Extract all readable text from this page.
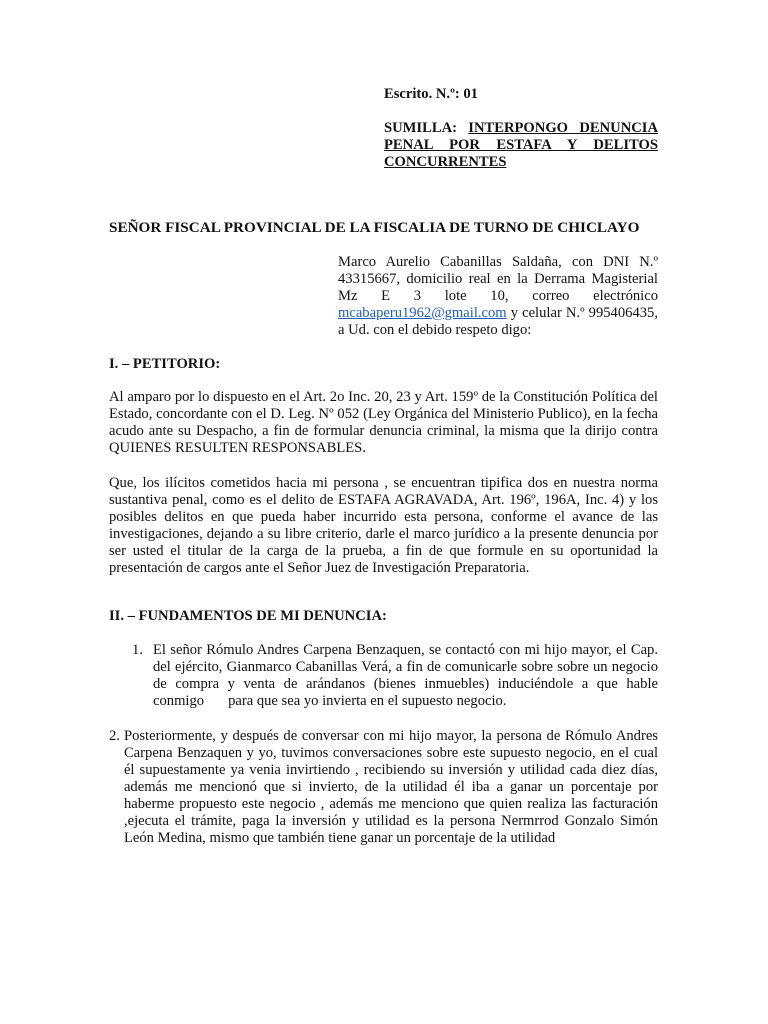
Escrito. N.º: 01
SUMILLA: INTERPONGO DENUNCIA PENAL POR ESTAFA Y DELITOS CONCURRENTES
SEÑOR FISCAL PROVINCIAL DE LA FISCALIA DE TURNO DE CHICLAYO
Marco Aurelio Cabanillas Saldaña, con DNI N.º 43315667, domicilio real en la Derrama Magisterial Mz E 3 lote 10, correo electrónico mcabaperu1962@gmail.com y celular N.º 995406435, a Ud. con el debido respeto digo:
I. – PETITORIO:
Al amparo por lo dispuesto en el Art. 2o Inc. 20, 23 y Art. 159º de la Constitución Política del Estado, concordante con el D. Leg. Nº 052 (Ley Orgánica del Ministerio Publico), en la fecha acudo ante su Despacho, a fin de formular denuncia criminal, la misma que la dirijo contra QUIENES RESULTEN RESPONSABLES.
Que, los ilícitos cometidos hacia mi persona , se encuentran tipifica dos en nuestra norma sustantiva penal, como es el delito de ESTAFA AGRAVADA, Art. 196º, 196A, Inc. 4) y los posibles delitos en que pueda haber incurrido esta persona, conforme el avance de las investigaciones, dejando a su libre criterio, darle el marco jurídico a la presente denuncia por ser usted el titular de la carga de la prueba, a fin de que formule en su oportunidad la presentación de cargos ante el Señor Juez de Investigación Preparatoria.
II. – FUNDAMENTOS DE MI DENUNCIA:
1. El señor Rómulo Andres Carpena Benzaquen, se contactó con mi hijo mayor, el Cap. del ejército, Gianmarco Cabanillas Verá, a fin de comunicarle sobre sobre un negocio de compra y venta de arándanos (bienes inmuebles) induciéndole a que hable conmigo para que sea yo invierta en el supuesto negocio.
2. Posteriormente, y después de conversar con mi hijo mayor, la persona de Rómulo Andres Carpena Benzaquen y yo, tuvimos conversaciones sobre este supuesto negocio, en el cual él supuestamente ya venia invirtiendo , recibiendo su inversión y utilidad cada diez días, además me mencionó que si invierto, de la utilidad él iba a ganar un porcentaje por haberme propuesto este negocio , además me menciono que quien realiza las facturación ,ejecuta el trámite, paga la inversión y utilidad es la persona Nermrrod Gonzalo Simón León Medina, mismo que también tiene ganar un porcentaje de la utilidad
